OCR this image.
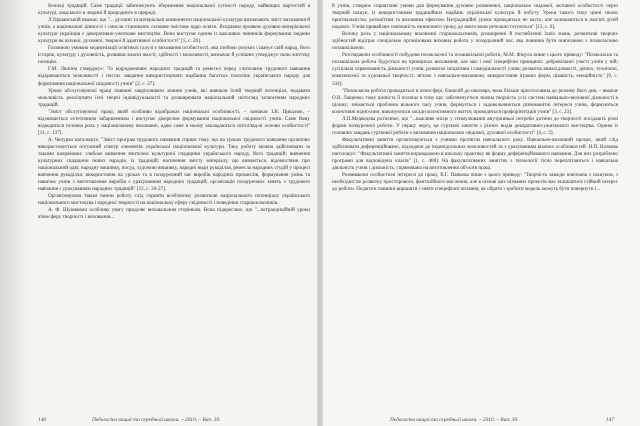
безпеці традицій. Саме традиції забезпечують збереження національної сутності народу, найвищих вартостей в культурі, людського в людині й природного в природі.

Л.Оршанський вважає, що "... духовні та матеріальні компоненти національної культури визначають зміст виховання й учнів, а національні цінності і смисли становлять основне змістове ядро освіти. Яскравим проявом духовно-матеріальної культури українців є декоративно-ужиткове мистецтво. Воно виступає одним із важливих чинників формування людини культури як вільної, духовної, творчої й адаптивної особистості" [5, с. 20].

Головною умовою модернізації освітньої галузі є виховання особистості, яка глибоко розуміє і шанує свій народ, його історію, культуру і духовність, розвиває власні якості, здібності і можливості, визначає й успішно утверджує свою життєву позицію.

Г.М. Люпіна стверджує: "Із відродженням народних традицій та ремесел перед учителями трудового навчання відкриваються можливості і постає завдання використовувати надбання багатьох поколінь українського народу для формування національної свідомості учнів" [2, с. 27].

Уроки обслуговуючої праці повинні закріплювати знання учнів, які вивчали їхній творчий потенціал, надавати можливість реалізувати їхні творчі індивідуальності та розширювати національний світогляд засвоєнням народних традицій.

"Зміст обслуговуючої праці, який особливо відображає національні особливості, – зазначає І.В. Цикалюк, – відзначається естетичним забарвленням і виступає джерелом формування національної свідомості учнів. Саме йому відводиться головна роль у національному вихованні, адже саме в ньому закладаються світогляд.ні основи особистості" [11, с. 137].

А. Чепурко наголошує: "Зміст програм трудового навчання сприяє тому, що на уроках трудового навчання органічно використовується потужний спектр елементів української національної культури. Таку роботу можна здійснювати за такими напрямами: глибоке вивчення вчителем культурної спадщини українського народу, його традицій; вивчення культурних спадщини інших народів, їх традицій; насичення змісту матеріалу, що вивчається, відомостями про національний одяг, народну вишивку, посуд, художню вишивку, народні види рукоділля, ремесла народних студій у процесі вивчення рукоділля; використання на уроках та в позаурочний час виробів народних промислів, формування умінь та навичок учнів з виготовлення виробів з урахуванням народних традицій; організація позаурочних занять з трудового навчання з урахуванням народних традицій" [12, с. 26-27].

Організовуючи таким чином роботу слід сприяти всебічному розвиткові національного потенціалу українського національного мистецтва і народної творчості на національну сферу свідомості і поведінки старшокласників.

А. Ф. Шушкевич особливу увагу приділяє виховальним сторінкам. Вона підкреслює, що "...петраидиційній уроки атмосферу творчості і виховання...

146	Педагогіка вищої та середньої школи. – 2010. – Вип. 30.

й учнів, створює сприятливі умови для формування духовно розвиненої, національно свідомої, активної особистості через творчий пошук, із використанням традиційних надбань української культури й побуту. Уроки такого типу цінні своєю оригінальністю, розмаїттям та виховним ефектом. Нетрадиційні уроки проводяться не часто, але залишаються в пам'яті дітей надовго. Учнів приваблює святковість незвичного уроку, до якого вони ретельно готуються" [13, с. 8].

Велику роль у національному вихованні старшокласників, розширенні й поглибленні їхніх знань, розвиткові творчих здібностей відіграє спеціально організована виховна робота у позаурочний час, яка повинна бути пов'язаною з позакласною позашкільною.

Розглядаючи особливості побудови позакласної та позашкільної роботи, М.М. Фіцула пише з цього приводу: "Позакласна та позашкільна робота будується на принципах виховання, але має і свої специфічні принципи: добровільної участі учнів у ній; суспільна спрямованість діяльності учнів; розвиток ініціативи і самодіяльності учнів; розвиток винахідливості, діячих, технічної, комплексної та художньої творчості; зв'язок з навчально-виховною; використання ігрових форм, цікавість, емоційність" [9, с. 334].

"Позакласна робота проводиться в атмосфері, ближчій до школяра, вона більше пристосована до режиму його дня, – вважає О.В. Лащенко, тому цінність її полягає в тому що: забезпечується значна творчість усіх системі навчально-виховної діяльності в цілому; знімається проблема вільного часу учнів, формується і задовольняються різноманітні інтереси учнів, формуються колективні відносини, виконуються засади колективного життя; проводиться профорієнтація учнів" [3, с. 23].

Л.П.Медведєва роз'яснює, що "...важливе місце у стимулюванні внутрішньої потреби дитини до творчості посідають різні форми позаурочної роботи. У першу чергу, це гурткові заняття з різних видів декоративно-ужиткового мистецтва. Одним із головних завдань гурткової роботи є виховання національно свідомої, духовної особистості" [4, с. 2].

Факультативні заняття організовуються з учнями протягом навчального року. Навчально-виховний процес, який слід здійснювати диференційовано, підходячи до індивідуальних можливостей та з урахуванням вікових особливостей. Н.П. Волкова наголошує: "Факультативні заняття впроваджено в шкільну практику як форму диференційованого навчання. Для них розроблено програми для відповідних класів" [1, с. 400]. На факультативних заняттях з технології тісно переплітаються і навчальна діяльність учнів і діяльність, спрямована на виготовлення об'єктів праці.

Розвиваючи особистісні інтереси до праці, В.Г. Панкова пише з цього приводу: "Творчість завжди пов'язана з пошуком, з необхідністю розвитку просторового, фантазійного мислення, але в основі цих пізнаних проектів має залишатися стійкий інтерес до роботи. Педагоги повинні вирішити і зняти специфічні питання, як обрати і зробити модель можуть бути повернути і...

Педагогіка вищої та середньої школи. – 2010. – Вип. 30.	147
